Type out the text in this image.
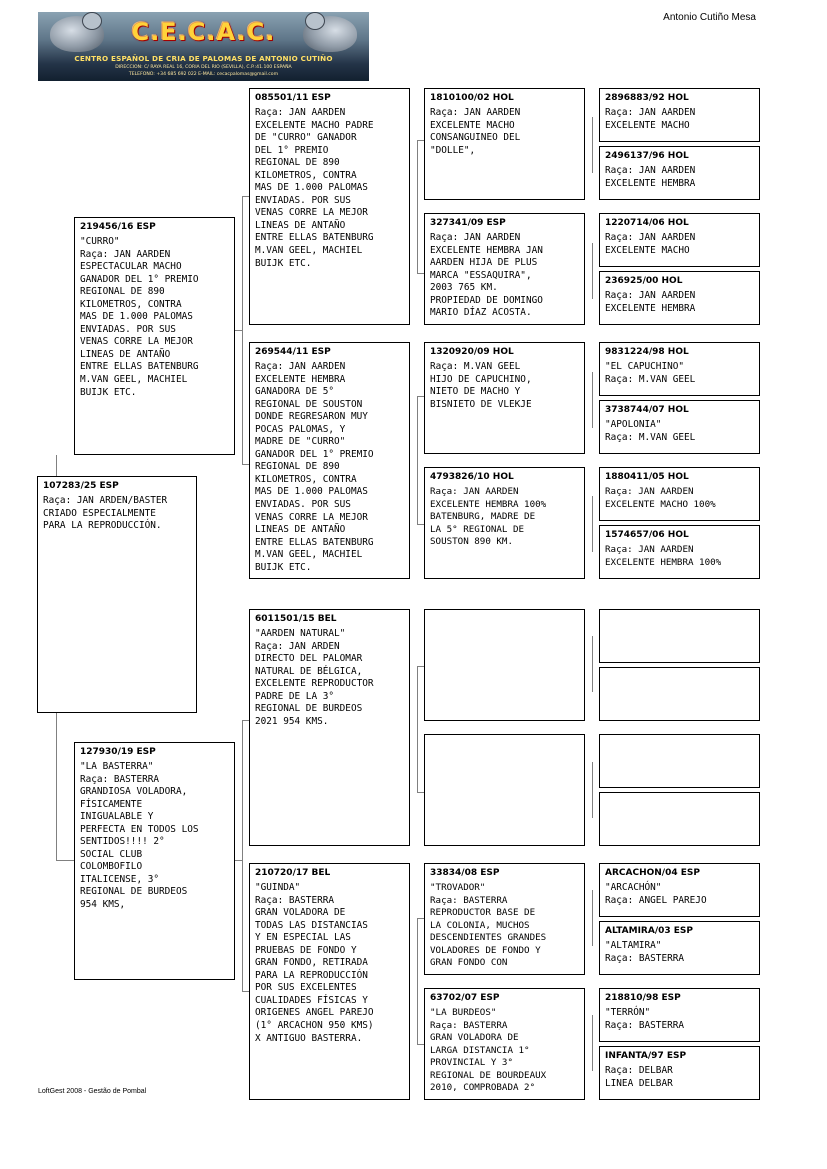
C.E.C.A.C.
CENTRO ESPAÑOL DE CRIA DE PALOMAS DE ANTONIO CUTIÑO
DIRECCION: C/ RAYA REAL 16, CORIA DEL RIO (SEVILLA), C.P.:41.100 ESPAÑA
TELEFONO: +34 685 692 022 E-MAIL: cecacpalomas@gmail.com
Antonio Cutiño Mesa
107283/25 ESP
Raça: JAN ARDEN/BASTER
CRIADO ESPECIALMENTE
PARA LA REPRODUCCIÓN.
219456/16 ESP
"CURRO"
Raça: JAN AARDEN
ESPECTACULAR MACHO
GANADOR DEL 1° PREMIO
REGIONAL DE 890
KILOMETROS, CONTRA
MAS DE 1.000 PALOMAS
ENVIADAS. POR SUS
VENAS CORRE LA MEJOR
LINEAS DE ANTAÑO
ENTRE ELLAS BATENBURG
M.VAN GEEL, MACHIEL
BUIJK ETC.
127930/19 ESP
"LA BASTERRA"
Raça: BASTERRA
GRANDIOSA VOLADORA,
FÍSICAMENTE
INIGUALABLE Y
PERFECTA EN TODOS LOS
SENTIDOS!!!! 2°
SOCIAL CLUB
COLOMBOFILO
ITALICENSE, 3°
REGIONAL DE BURDEOS
954 KMS,
085501/11 ESP
Raça: JAN AARDEN
EXCELENTE MACHO PADRE
DE "CURRO" GANADOR
DEL 1° PREMIO
REGIONAL DE 890
KILOMETROS, CONTRA
MAS DE 1.000 PALOMAS
ENVIADAS. POR SUS
VENAS CORRE LA MEJOR
LINEAS DE ANTAÑO
ENTRE ELLAS BATENBURG
M.VAN GEEL, MACHIEL
BUIJK ETC.
269544/11 ESP
Raça: JAN AARDEN
EXCELENTE HEMBRA
GANADORA DE 5°
REGIONAL DE SOUSTON
DONDE REGRESARON MUY
POCAS PALOMAS, Y
MADRE DE "CURRO"
GANADOR DEL 1° PREMIO
REGIONAL DE 890
KILOMETROS, CONTRA
MAS DE 1.000 PALOMAS
ENVIADAS. POR SUS
VENAS CORRE LA MEJOR
LINEAS DE ANTAÑO
ENTRE ELLAS BATENBURG
M.VAN GEEL, MACHIEL
BUIJK ETC.
6011501/15 BEL
"AARDEN NATURAL"
Raça: JAN ARDEN
DIRECTO DEL PALOMAR
NATURAL DE BÉLGICA,
EXCELENTE REPRODUCTOR
PADRE DE LA 3°
REGIONAL DE BURDEOS
2021 954 KMS.
210720/17 BEL
"GUINDA"
Raça: BASTERRA
GRAN VOLADORA DE
TODAS LAS DISTANCIAS
Y EN ESPECIAL LAS
PRUEBAS DE FONDO Y
GRAN FONDO, RETIRADA
PARA LA REPRODUCCIÓN
POR SUS EXCELENTES
CUALIDADES FÍSICAS Y
ORIGENES ANGEL PAREJO
(1° ARCACHON 950 KMS)
X ANTIGUO BASTERRA.
1810100/02 HOL
Raça: JAN AARDEN
EXCELENTE MACHO
CONSANGUINEO DEL
"DOLLE",
327341/09 ESP
Raça: JAN AARDEN
EXCELENTE HEMBRA JAN
AARDEN HIJA DE PLUS
MARCA "ESSAQUIRA",
2003 765 KM.
PROPIEDAD DE DOMINGO
MARIO DÍAZ ACOSTA.
1320920/09 HOL
Raça: M.VAN GEEL
HIJO DE CAPUCHINO,
NIETO DE MACHO Y
BISNIETO DE VLEKJE
4793826/10 HOL
Raça: JAN AARDEN
EXCELENTE HEMBRA 100%
BATENBURG, MADRE DE
LA 5° REGIONAL DE
SOUSTON 890 KM.
33834/08 ESP
"TROVADOR"
Raça: BASTERRA
REPRODUCTOR BASE DE
LA COLONIA, MUCHOS
DESCENDIENTES GRANDES
VOLADORES DE FONDO Y
GRAN FONDO CON
63702/07 ESP
"LA BURDEOS"
Raça: BASTERRA
GRAN VOLADORA DE
LARGA DISTANCIA 1°
PROVINCIAL Y 3°
REGIONAL DE BOURDEAUX
2010, COMPROBADA 2°
2896883/92 HOL
Raça: JAN AARDEN
EXCELENTE MACHO
2496137/96 HOL
Raça: JAN AARDEN
EXCELENTE HEMBRA
1220714/06 HOL
Raça: JAN AARDEN
EXCELENTE MACHO
236925/00 HOL
Raça: JAN AARDEN
EXCELENTE HEMBRA
9831224/98 HOL
"EL CAPUCHINO"
Raça: M.VAN GEEL
3738744/07 HOL
"APOLONIA"
Raça: M.VAN GEEL
1880411/05 HOL
Raça: JAN AARDEN
EXCELENTE MACHO 100%
1574657/06 HOL
Raça: JAN AARDEN
EXCELENTE HEMBRA 100%
ARCACHON/04 ESP
"ARCACHÓN"
Raça: ANGEL PAREJO
ALTAMIRA/03 ESP
"ALTAMIRA"
Raça: BASTERRA
218810/98 ESP
"TERRÓN"
Raça: BASTERRA
INFANTA/97 ESP
Raça: DELBAR
LINEA DELBAR
LoftGest 2008 - Gestão de Pombal
